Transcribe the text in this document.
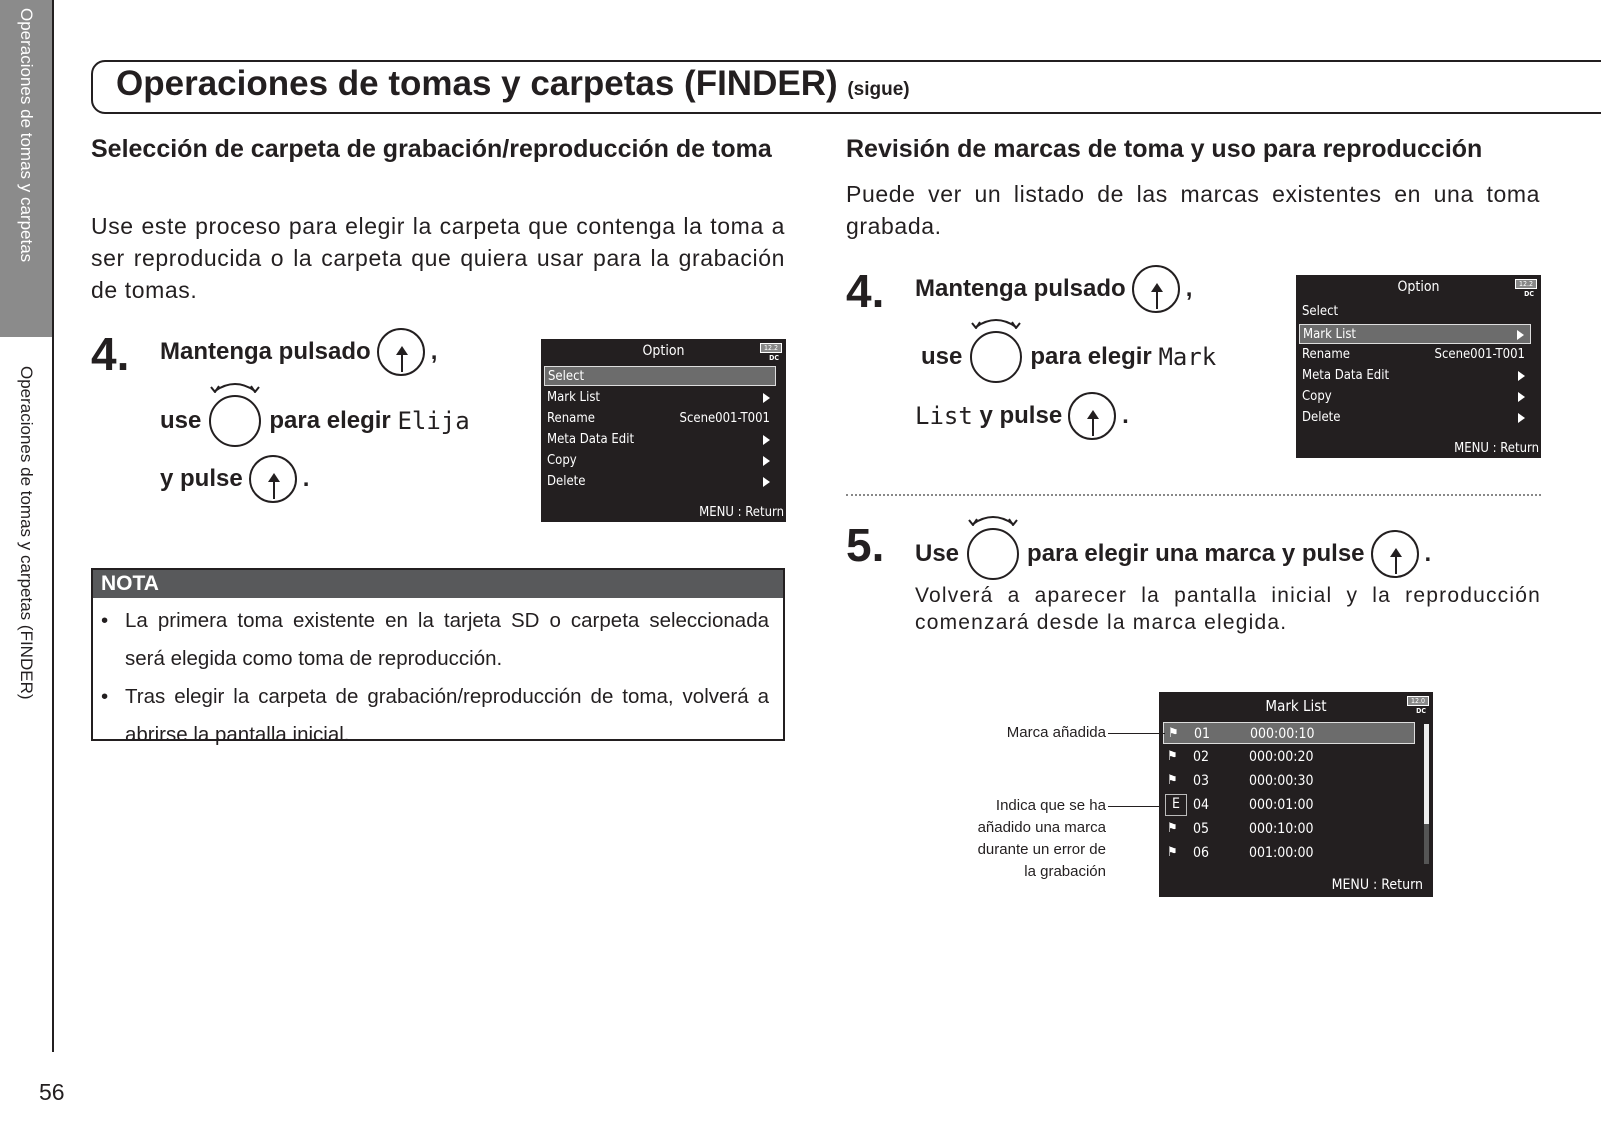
Operaciones de tomas y carpetas
Operaciones de tomas y carpetas (FINDER)
Operaciones de tomas y carpetas (FINDER) (sigue)
Selección de carpeta de grabación/reproducción de toma
Use este proceso para elegir la carpeta que contenga la toma a ser reproducida o la carpeta que quiera usar para la grabación de tomas.
4. Mantenga pulsado	,
use	para elegir
Elija
y pulse	.
Option	12.2
DC
Select
Mark List
Rename	Scene001-T001
Meta Data Edit
Copy
Delete
MENU : Return
NOTA
• La primera toma existente en la tarjeta SD o carpeta seleccionada será elegida como toma de reproducción.
• Tras elegir la carpeta de grabación/reproducción de toma, volverá a abrirse la pantalla inicial.
Revisión de marcas de toma y uso para reproducción
Puede ver un listado de las marcas existentes en una toma grabada.
4. Mantenga pulsado	,
use	para elegir
Mark
List
y pulse	.
Option	12.2
DC
Select
Mark List
Rename	Scene001-T001
Meta Data Edit
Copy
Delete
MENU : Return
5. Use	para elegir una marca y pulse	.
Volverá a aparecer la pantalla inicial y la reproducción comenzará desde la marca elegida.
Mark List	12.0
DC
⚑ 01	000:00:10
⚑ 02	000:00:20
⚑ 03	000:00:30
E 04	000:01:00
⚑ 05	000:10:00
⚑ 06	001:00:00
MENU : Return
Marca añadida
Indica que se ha
añadido una marca
durante un error de
la grabación
56
